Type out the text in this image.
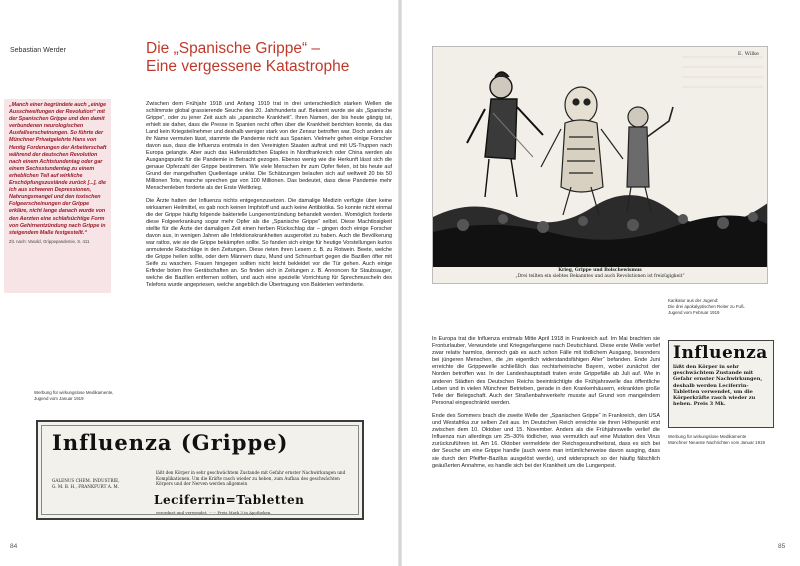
Sebastian Werder	Die „Spanische Grippe“ –
Eine vergessene Katastrophe
„Manch einer begründete auch „einige Ausschweifungen der Revolution“ mit der Spanischen Grippe und den damit verbundenen neurologischen Ausfallserscheinungen. So führte der Münchner Privatgelehrte Hans von Hentig Forderungen der Arbeiterschaft während der deutschen Revolution nach einem Achtstundentag oder gar einem Sechsstundentag zu einem erheblichen Teil auf wirkliche Erschöpfungszustände zurück [...], die ich aus schweren Depressionen, Nahrungsmangel und den toxischen Folgeerscheinungen der Grippe erkläre, nicht lange danach wurde von den Aerzten eine schlafsüchtige Form von Gehirnentzündung nach Grippe in steigendem Maße festgestellt.“
Zit. nach: Vasold, Grippepandemie, S. 411

Zwischen dem Frühjahr 1918 und Anfang 1919 trat in drei unterschiedlich starken Wellen die schlimmste global grassierende Seuche des 20. Jahrhunderts auf. Bekannt wurde sie als „Spanische Grippe“, oder zu jener Zeit auch als „spanische Krankheit“. Ihren Namen, der bis heute gängig ist, erhielt sie daher, dass die Presse in Spanien recht offen über die Krankheit berichten konnte, da das Land kein Kriegsteilnehmer und deshalb weniger stark von der Zensur betroffen war. Doch anders als ihr Name vermuten lässt, stammte die Pandemie nicht aus Spanien. Vielmehr gehen einige Forscher davon aus, dass die Influenza erstmals in den Vereinigten Staaten auftrat und mit US-Truppen nach Europa gelangte. Aber auch das Hafenstädtchen Étaples in Nordfrankreich oder China werden als Ausgangspunkt für die Pandemie in Betracht gezogen. Ebenso wenig wie die Herkunft lässt sich die genaue Opferzahl der Grippe bestimmen. Wie viele Menschen ihr zum Opfer fielen, ist bis heute auf Grund der mangelhaften Quellenlage unklar. Die Schätzungen belaufen sich auf weltweit 20 bis 50 Millionen Tote, manche sprechen gar von 100 Millionen. Das bedeutet, dass diese Pandemie mehr Menschenleben forderte als der Erste Weltkrieg.

Die Ärzte hatten der Influenza nichts entgegenzusetzen. Die damalige Medizin verfügte über keine wirksamen Heilmittel, es gab noch keinen Impfstoff und auch keine Antibiotika. So konnte nicht einmal die der Grippe häufig folgende bakterielle Lungenentzündung behandelt werden. Womöglich forderte diese Folgeerkrankung sogar mehr Opfer als die „Spanische Grippe“ selbst. Diese Machtlosigkeit stellte für die Ärzte der damaligen Zeit einen herben Rückschlag dar – gingen doch einige Forscher davon aus, in wenigen Jahren alle Infektionskrankheiten ausgerottet zu haben. Auch die Bevölkerung war ratlos, wie sie die Grippe bekämpfen sollte. So fanden sich einige für heutige Vorstellungen kurios anmutende Ratschläge in den Zeitungen. Diese rieten ihren Lesern z. B. zu Rotwein. Beete, welche die Grippe heilen sollte, oder dem Männern dazu, Mund und Schnurrbart gegen die Bazillen öfter mit Seife zu waschen. Frauen hingegen sollten nicht leicht bekleidet vor die Tür gehen. Auch einige Erfinder boten ihre Gerätschaften an. So finden sich in Zeitungen z. B. Annoncen für Staubsauger, welche die Bazillen entfernen sollten, und auch eine spezielle Vorrichtung für Sprechmuscheln des Telefons wurde angepriesen, welche angeblich die Übertragung von Bakterien verhinderte.

Werbung für wirkungslose Medikamente,
Jugend vom Januar 1919
Influenza (Grippe)
GALENUS CHEM. INDUSTRIE,
G. M. B. H., FRANKFURT A. M.
läßt den Körper in sehr geschwächtem Zustande mit Gefahr ernster Nachwirkungen und Komplikationen. Um die Kräfte rasch wieder zu heben, zum Aufbau des geschwächten Körpers und der Nerven werden allgemein
Leciferrin=Tabletten
verordnet und verwendet. ······ Preis Mark 3 in Apotheken.
84
E. Wilke
Krieg, Grippe und Bolschewismus
„Drei teilten ein siebtes Bekanntes und auch Revolutionen ist freizügigkeit“
Karikatur aus der Jugend:
Die drei apokalyptischen Reiter zu Fuß.
Jugend vom Februar 1919

In Europa trat die Influenza erstmals Mitte April 1918 in Frankreich auf. Im Mai brachten sie Fronturlauber, Verwundete und Kriegsgefangene nach Deutschland. Diese erste Welle verlief zwar relativ harmlos, dennoch gab es auch schon Fälle mit tödlichem Ausgang, besonders bei jüngeren Menschen, die „im eigentlich widerstandsfähigen Alter“ befanden. Ende Juni erreichte die Grippewelle schließlich das rechtsrheinische Bayern, wobei zunächst der Norden betroffen war. In der Landeshauptstadt traten erste Grippefälle ab Juli auf. Wie in anderen Städten des Deutschen Reichs beeinträchtigte die Frühjahrswelle das öffentliche Leben und in vielen Münchner Betrieben, gerade in den Krankenhäusern, erkrankten große Teile der Belegschaft. Auch der Straßenbahnverkehr musste auf Grund von mangelndem Personal eingeschränkt werden.

Ende des Sommers brach die zweite Welle der „Spanischen Grippe“ in Frankreich, den USA und Westafrika zur selben Zeit aus. Im Deutschen Reich erreichte sie ihren Höhepunkt erst zwischen dem 10. Oktober und 15. November. Anders als die Frühjahrswelle verlief die Influenza nun allerdings um 25–30% tödlicher, was vermutlich auf eine Mutation des Virus zurückzuführen ist. Am 16. Oktober vermeldete der Reichsgesundheitsrat, dass es sich bei der Seuche um eine Grippe handle (auch wenn man irrtümlicherweise davon ausging, dass sie durch den Pfeiffer-Bazillus ausgelöst werde), und widersprach so der häufig fälschlich geäußerten Annahme, es handle sich bei der Krankheit um die Lungenpest.

Influenza
läßt den Körper in sehr geschwächtem Zustande mit Gefahr ernster Nachwirkungen, deshalb werden Leciferrin-Tabletten verwendet, um die Körperkräfte rasch wieder zu heben. Preis 3 Mk.
Werbung für wirkungslose Medikamente
Münchner Neueste Nachrichten vom Januar 1919
85
